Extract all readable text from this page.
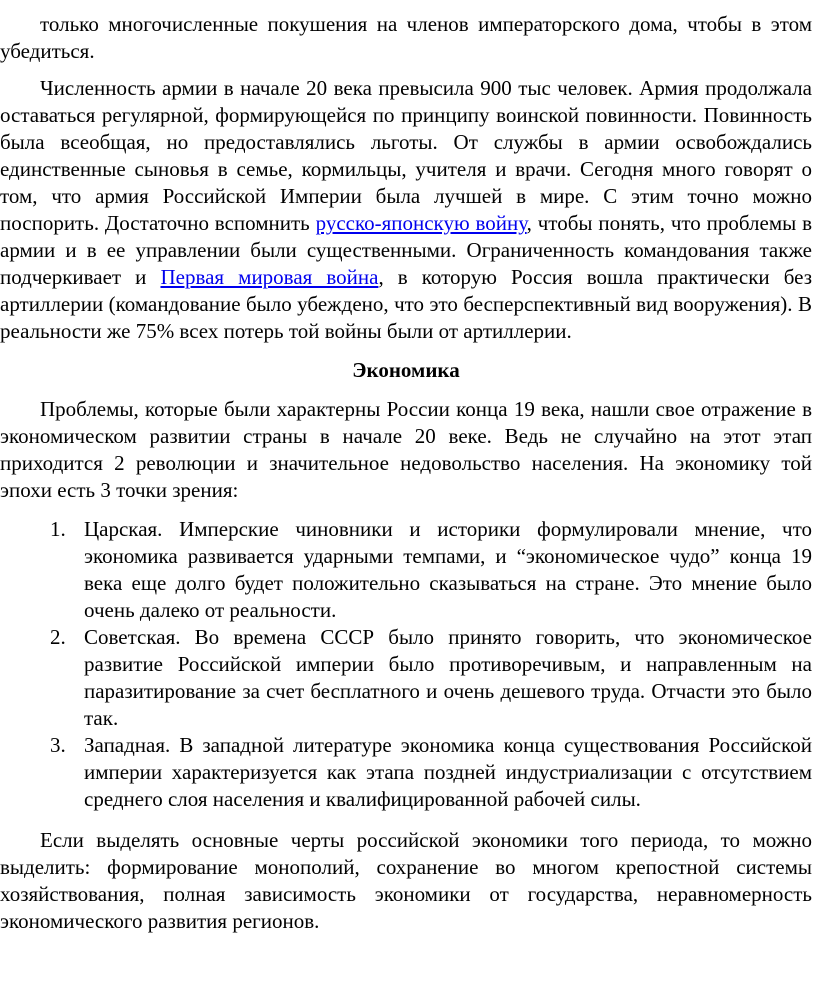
только многочисленные покушения на членов императорского дома, чтобы в этом убедиться.

Численность армии в начале 20 века превысила 900 тыс человек. Армия продолжала оставаться регулярной, формирующейся по принципу воинской повинности. Повинность была всеобщая, но предоставлялись льготы. От службы в армии освобождались единственные сыновья в семье, кормильцы, учителя и врачи. Сегодня много говорят о том, что армия Российской Империи была лучшей в мире. С этим точно можно поспорить. Достаточно вспомнить русско-японскую войну, чтобы понять, что проблемы в армии и в ее управлении были существенными. Ограниченность командования также подчеркивает и Первая мировая война, в которую Россия вошла практически без артиллерии (командование было убеждено, что это бесперспективный вид вооружения). В реальности же 75% всех потерь той войны были от артиллерии.

Экономика

Проблемы, которые были характерны России конца 19 века, нашли свое отражение в экономическом развитии страны в начале 20 веке. Ведь не случайно на этот этап приходится 2 революции и значительное недовольство населения. На экономику той эпохи есть 3 точки зрения:

1. Царская. Имперские чиновники и историки формулировали мнение, что экономика развивается ударными темпами, и “экономическое чудо” конца 19 века еще долго будет положительно сказываться на стране. Это мнение было очень далеко от реальности.
2. Советская. Во времена СССР было принято говорить, что экономическое развитие Российской империи было противоречивым, и направленным на паразитирование за счет бесплатного и очень дешевого труда. Отчасти это было так.
3. Западная. В западной литературе экономика конца существования Российской империи характеризуется как этапа поздней индустриализации с отсутствием среднего слоя населения и квалифицированной рабочей силы.

Если выделять основные черты российской экономики того периода, то можно выделить: формирование монополий, сохранение во многом крепостной системы хозяйствования, полная зависимость экономики от государства, неравномерность экономического развития регионов.
